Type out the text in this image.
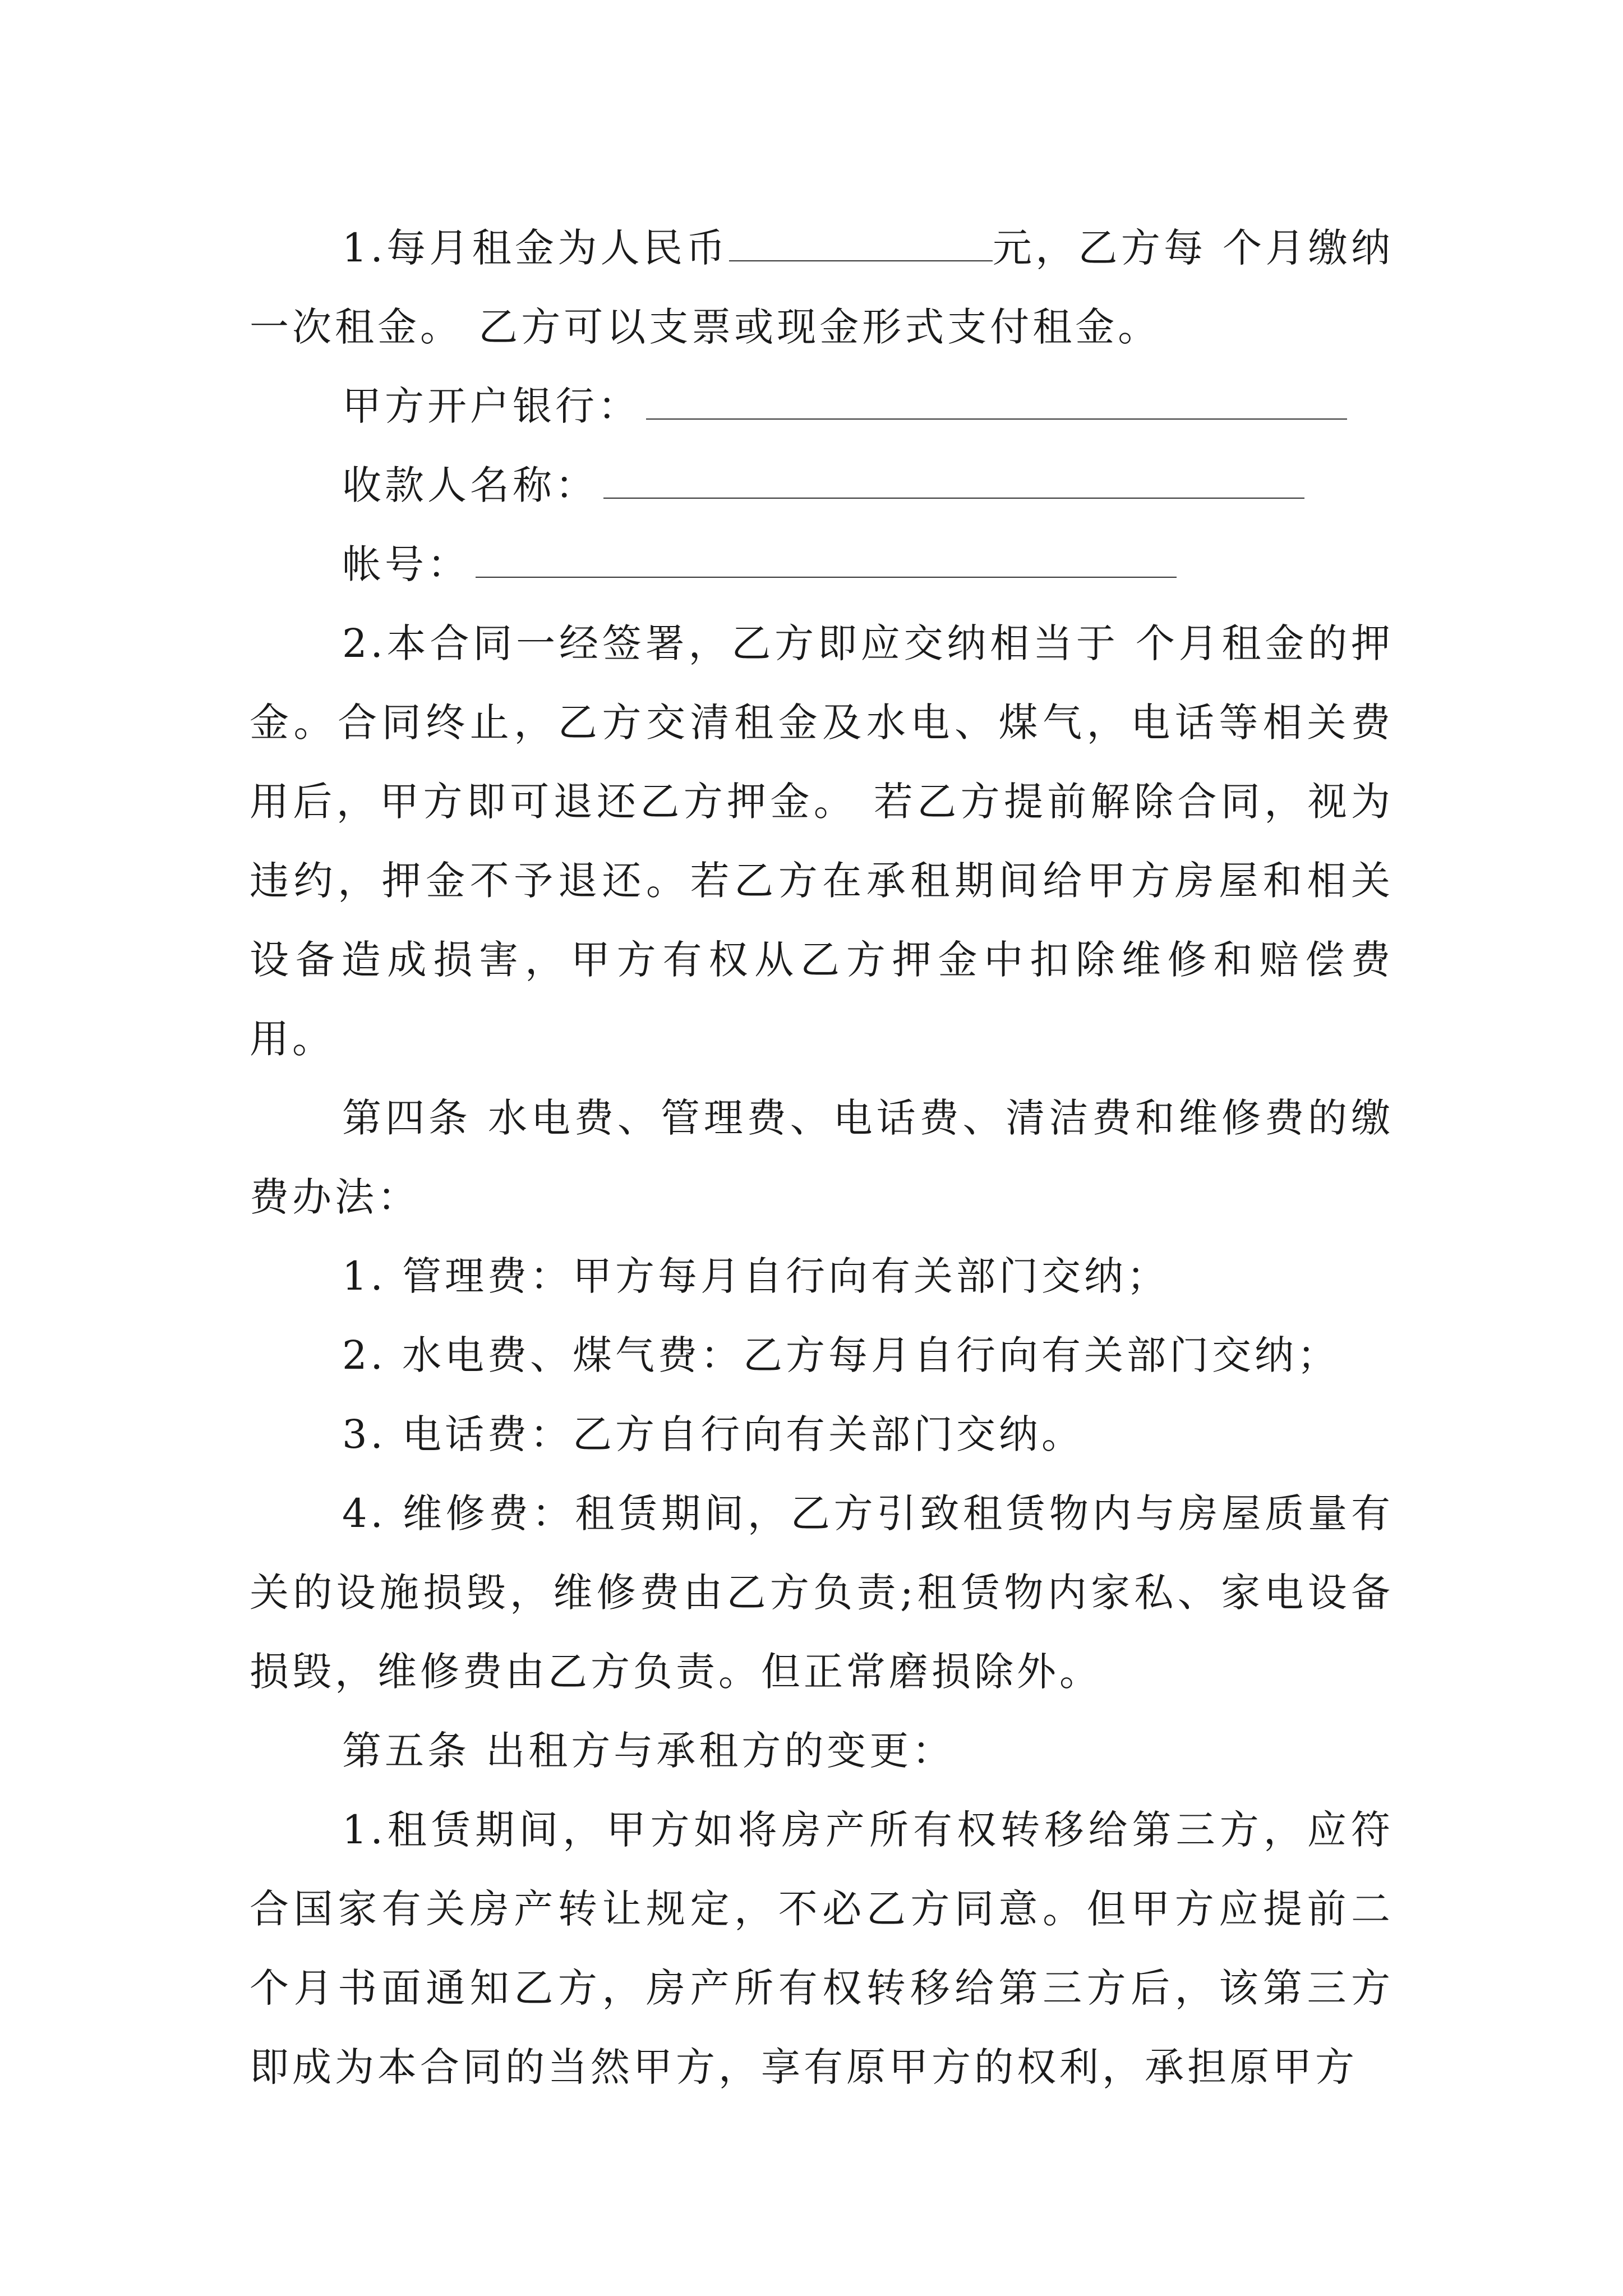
1.每月租金为人民币	元，乙方每 个月缴纳一次租金。 乙方可以支票或现金形式支付租金。

甲方开户银行：

收款人名称：

帐号：

2.本合同一经签署，乙方即应交纳相当于 个月租金的押金。合同终止，乙方交清租金及水电、煤气，电话等相关费用后，甲方即可退还乙方押金。 若乙方提前解除合同，视为违约，押金不予退还。若乙方在承租期间给甲方房屋和相关设备造成损害，甲方有权从乙方押金中扣除维修和赔偿费用。

第四条 水电费、管理费、电话费、清洁费和维修费的缴费办法：

1. 管理费：甲方每月自行向有关部门交纳；

2. 水电费、煤气费：乙方每月自行向有关部门交纳；

3. 电话费：乙方自行向有关部门交纳。

4. 维修费：租赁期间，乙方引致租赁物内与房屋质量有关的设施损毁，维修费由乙方负责;租赁物内家私、家电设备损毁，维修费由乙方负责。但正常磨损除外。

第五条 出租方与承租方的变更：

1.租赁期间，甲方如将房产所有权转移给第三方，应符合国家有关房产转让规定，不必乙方同意。但甲方应提前二个月书面通知乙方，房产所有权转移给第三方后，该第三方即成为本合同的当然甲方，享有原甲方的权利，承担原甲方
